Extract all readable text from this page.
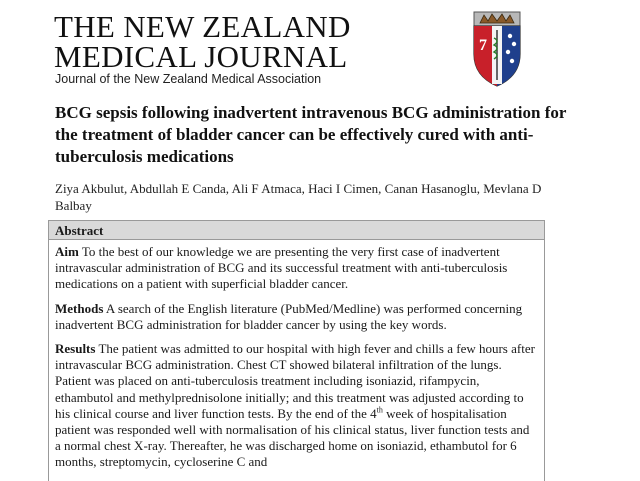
THE NEW ZEALAND
MEDICAL JOURNAL
Journal of the New Zealand Medical Association
7
BCG sepsis following inadvertent intravenous BCG administration for the treatment of bladder cancer can be effectively cured with anti-tuberculosis medications
Ziya Akbulut, Abdullah E Canda, Ali F Atmaca, Haci I Cimen, Canan Hasanoglu, Mevlana D Balbay
Abstract

Aim To the best of our knowledge we are presenting the very first case of inadvertent intravascular administration of BCG and its successful treatment with anti-tuberculosis medications on a patient with superficial bladder cancer.

Methods A search of the English literature (PubMed/Medline) was performed concerning inadvertent BCG administration for bladder cancer by using the key words.

Results The patient was admitted to our hospital with high fever and chills a few hours after intravascular BCG administration. Chest CT showed bilateral infiltration of the lungs. Patient was placed on anti-tuberculosis treatment including isoniazid, rifampycin, ethambutol and methylprednisolone initially; and this treatment was adjusted according to his clinical course and liver function tests. By the end of the 4th week of hospitalisation patient was responded well with normalisation of his clinical status, liver function tests and a normal chest X-ray. Thereafter, he was discharged home on isoniazid, ethambutol for 6 months, streptomycin, cycloserine C and
